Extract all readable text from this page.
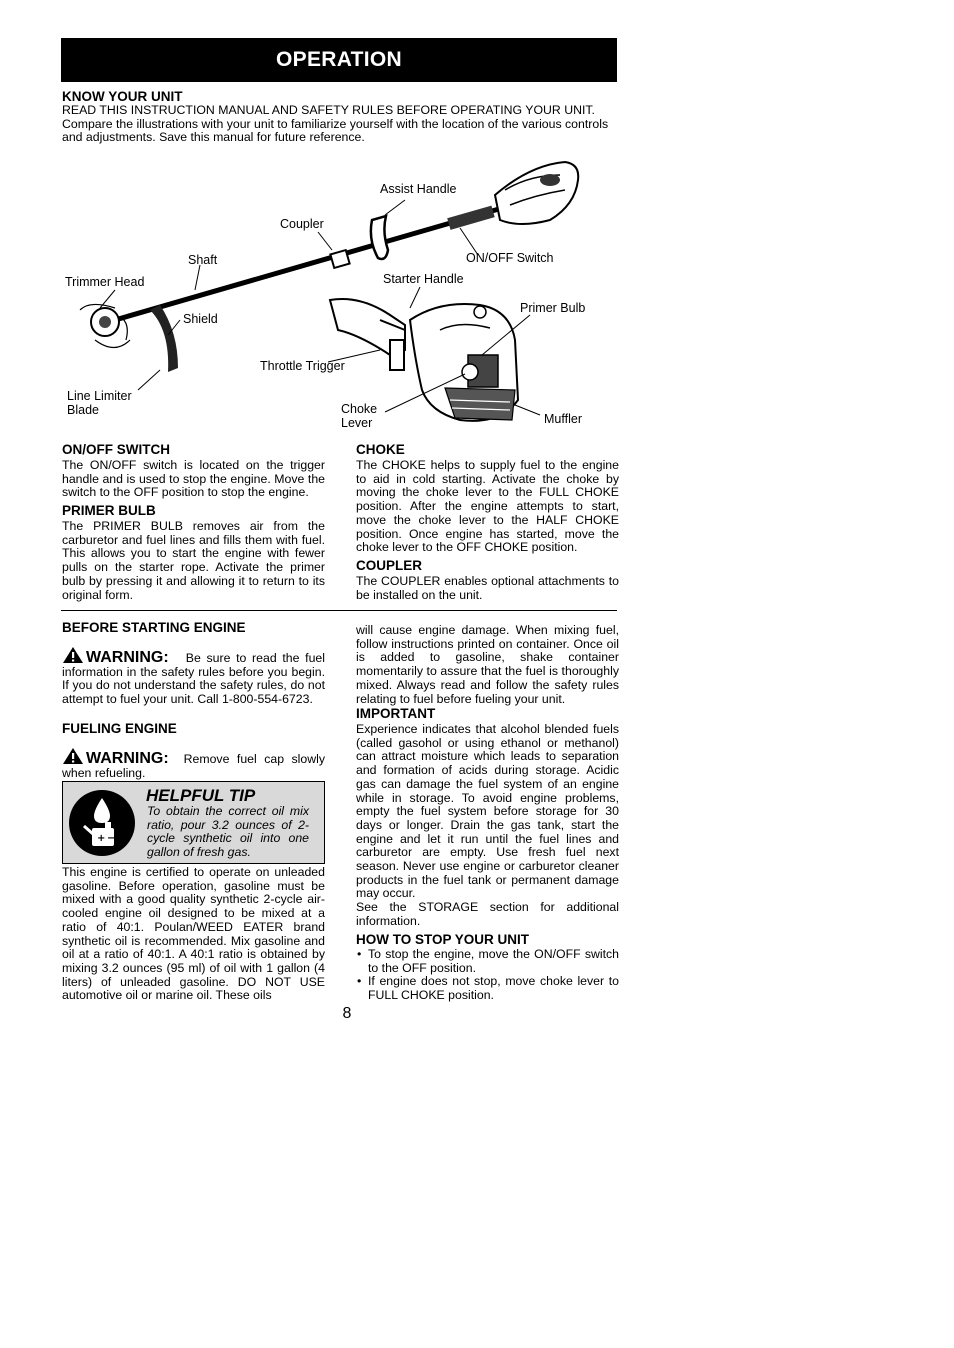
OPERATION
KNOW YOUR UNIT
READ THIS INSTRUCTION MANUAL AND SAFETY RULES BEFORE OPERATING YOUR UNIT.
Compare the illustrations with your unit to familiarize yourself with the location of the various controls and adjustments. Save this manual for future reference.
Assist Handle
Coupler
ON/OFF Switch
Shaft
Starter Handle
Trimmer Head
Primer Bulb
Shield
Throttle Trigger
Line Limiter
Blade	Choke
Lever	Muffler
ON/OFF SWITCH
The ON/OFF switch is located on the trigger handle and is used to stop the engine. Move the switch to the OFF position to stop the engine.
PRIMER BULB
The PRIMER BULB removes air from the carburetor and fuel lines and fills them with fuel. This allows you to start the engine with fewer pulls on the starter rope. Activate the primer bulb by pressing it and allowing it to return to its original form.
CHOKE
The CHOKE helps to supply fuel to the engine to aid in cold starting. Activate the choke by moving the choke lever to the FULL CHOKE position. After the engine attempts to start, move the choke lever to the HALF CHOKE position. Once engine has started, move the choke lever to the OFF CHOKE position.
COUPLER
The COUPLER enables optional attachments to be installed on the unit.
BEFORE STARTING ENGINE
WARNING: Be sure to read the fuel information in the safety rules before you begin. If you do not understand the safety rules, do not attempt to fuel your unit. Call 1-800-554-6723.
FUELING ENGINE
WARNING: Remove fuel cap slowly when refueling.
+ −
HELPFUL TIP
To obtain the correct oil mix ratio, pour 3.2 ounces of 2-cycle synthetic oil into one gallon of fresh gas.
This engine is certified to operate on unleaded gasoline. Before operation, gasoline must be mixed with a good quality synthetic 2-cycle air-cooled engine oil designed to be mixed at a ratio of 40:1. Poulan/WEED EATER brand synthetic oil is recommended. Mix gasoline and oil at a ratio of 40:1. A 40:1 ratio is obtained by mixing 3.2 ounces (95 ml) of oil with 1 gallon (4 liters) of unleaded gasoline. DO NOT USE automotive oil or marine oil. These oils
will cause engine damage. When mixing fuel, follow instructions printed on container. Once oil is added to gasoline, shake container momentarily to assure that the fuel is thoroughly mixed. Always read and follow the safety rules relating to fuel before fueling your unit.
IMPORTANT
Experience indicates that alcohol blended fuels (called gasohol or using ethanol or methanol) can attract moisture which leads to separation and formation of acids during storage. Acidic gas can damage the fuel system of an engine while in storage. To avoid engine problems, empty the fuel system before storage for 30 days or longer. Drain the gas tank, start the engine and let it run until the fuel lines and carburetor are empty. Use fresh fuel next season. Never use engine or carburetor cleaner products in the fuel tank or permanent damage may occur.
See the STORAGE section for additional information.
HOW TO STOP YOUR UNIT
• To stop the engine, move the ON/OFF switch to the OFF position.
• If engine does not stop, move choke lever to FULL CHOKE position.
8
